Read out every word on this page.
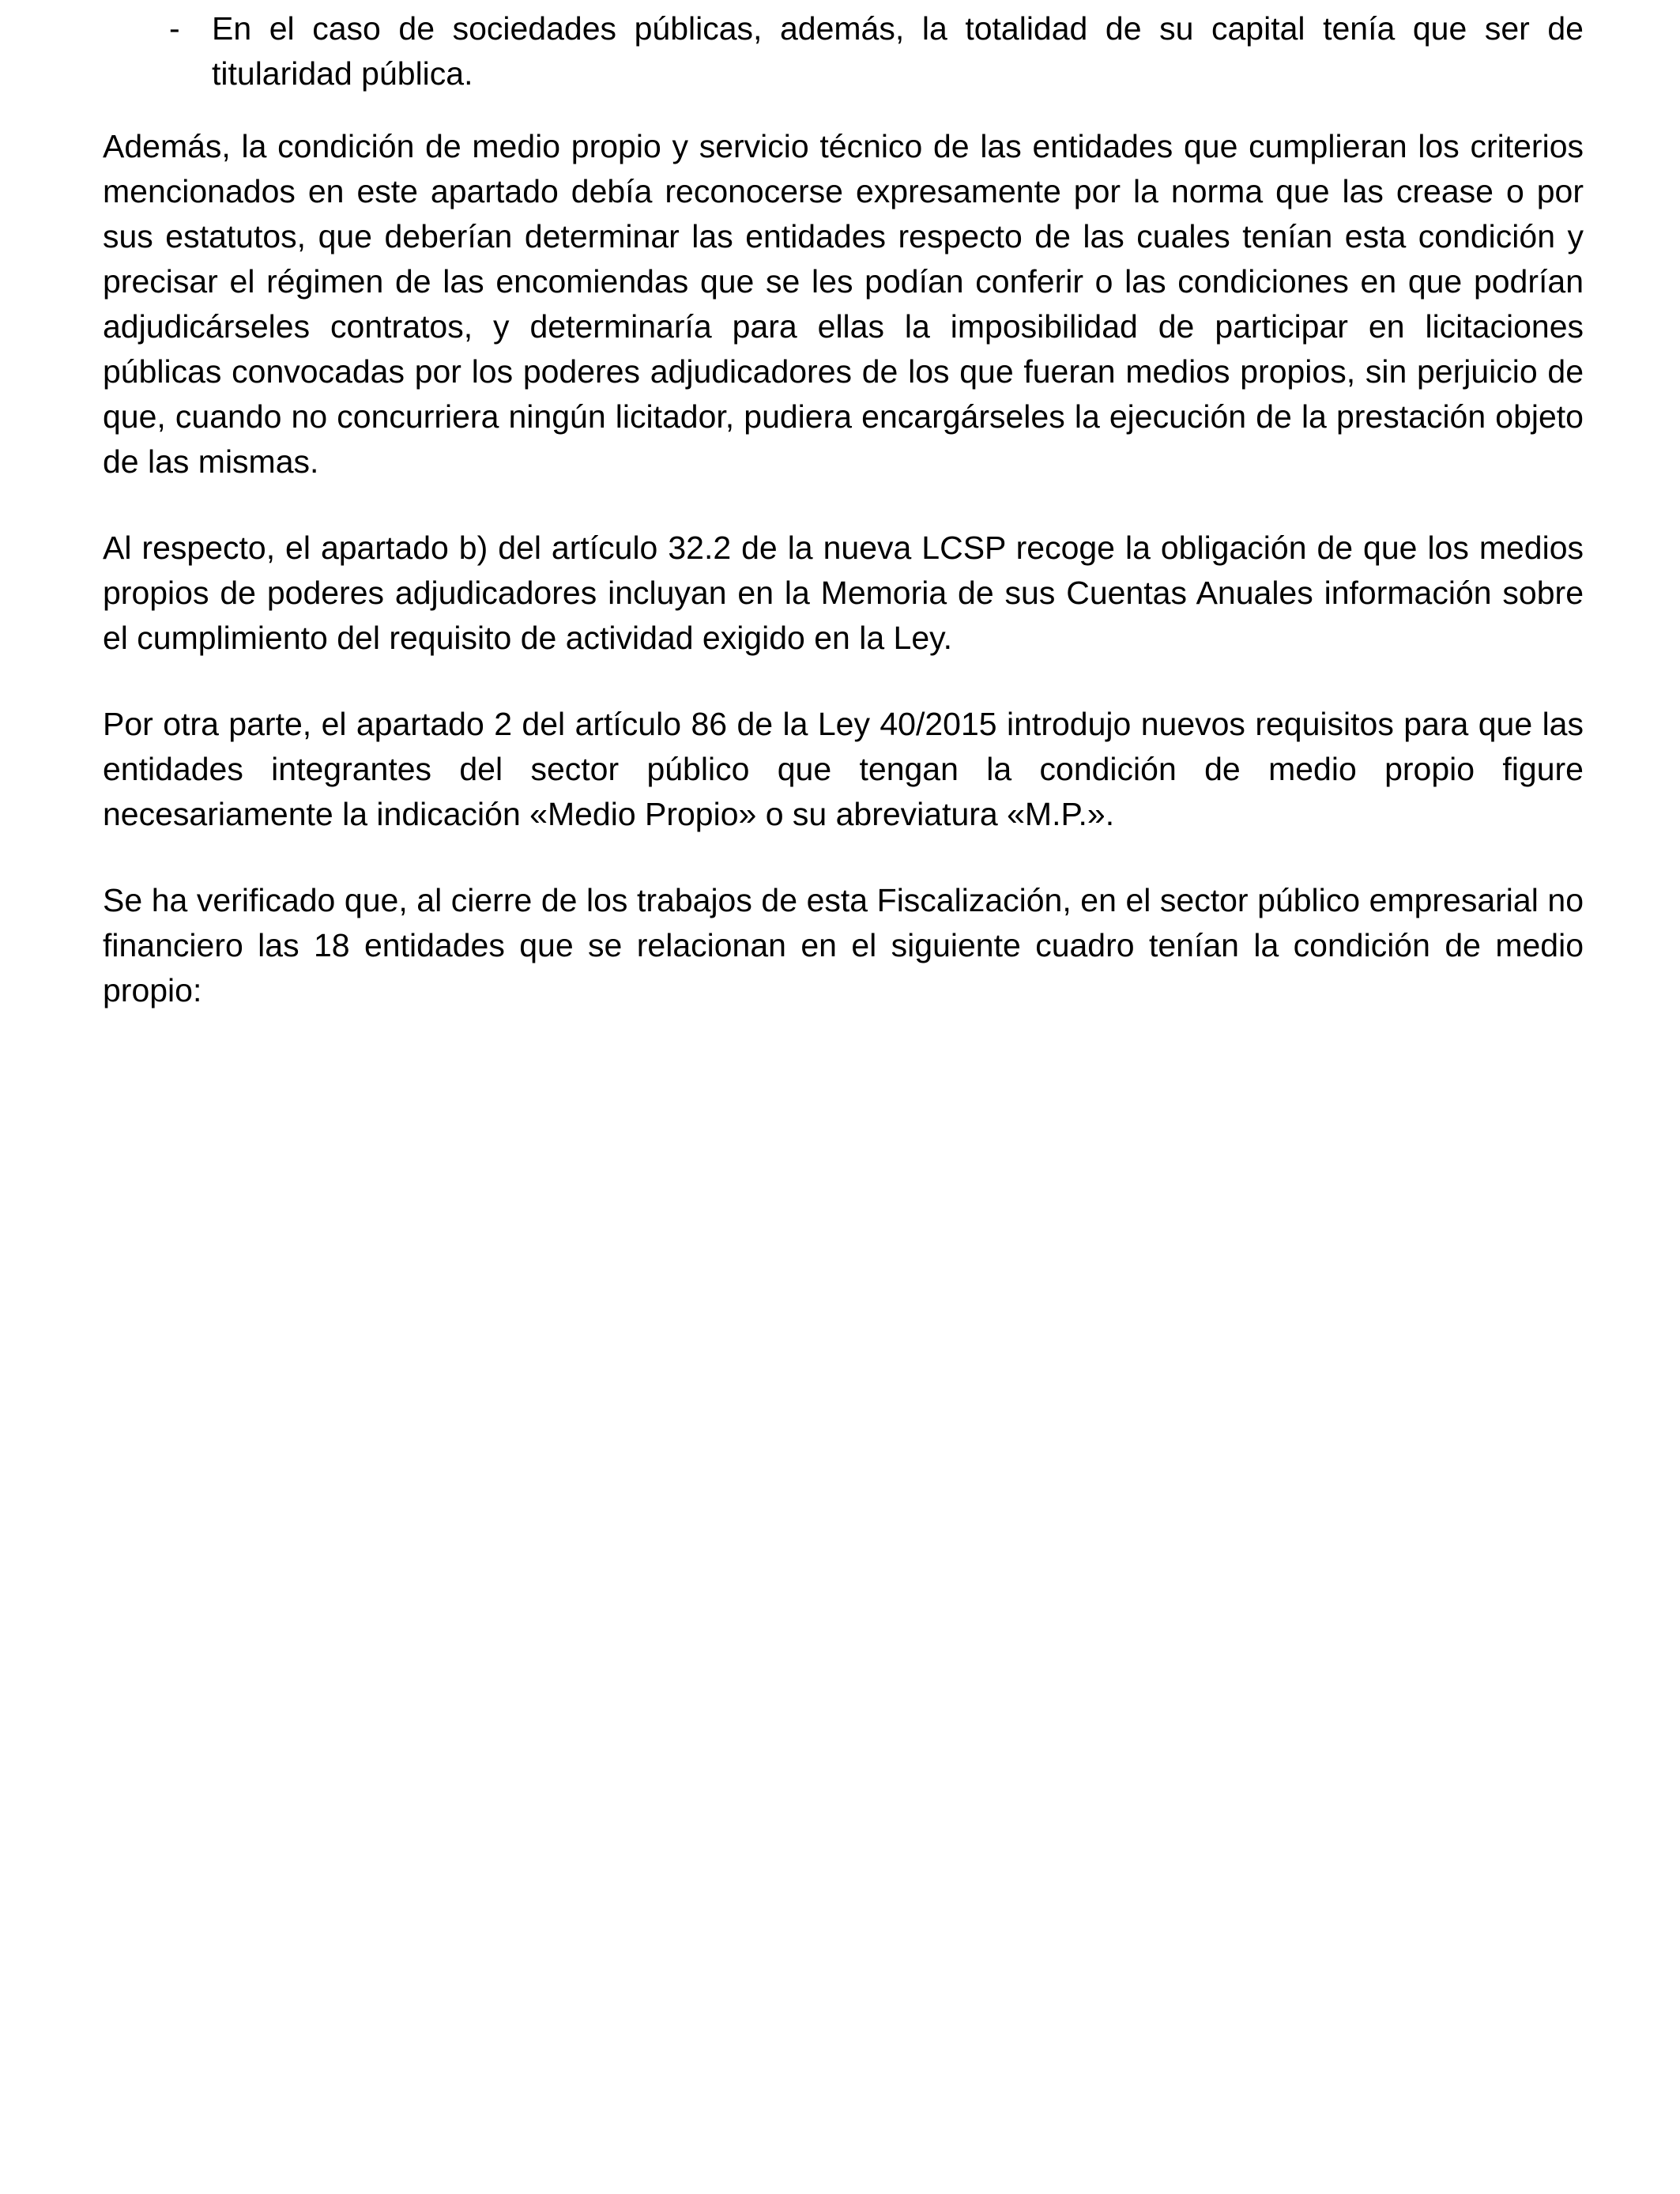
- En el caso de sociedades públicas, además, la totalidad de su capital tenía que ser de titularidad pública.

Además, la condición de medio propio y servicio técnico de las entidades que cumplieran los criterios mencionados en este apartado debía reconocerse expresamente por la norma que las crease o por sus estatutos, que deberían determinar las entidades respecto de las cuales tenían esta condición y precisar el régimen de las encomiendas que se les podían conferir o las condiciones en que podrían adjudicárseles contratos, y determinaría para ellas la imposibilidad de participar en licitaciones públicas convocadas por los poderes adjudicadores de los que fueran medios propios, sin perjuicio de que, cuando no concurriera ningún licitador, pudiera encargárseles la ejecución de la prestación objeto de las mismas.

Al respecto, el apartado b) del artículo 32.2 de la nueva LCSP recoge la obligación de que los medios propios de poderes adjudicadores incluyan en la Memoria de sus Cuentas Anuales información sobre el cumplimiento del requisito de actividad exigido en la Ley.

Por otra parte, el apartado 2 del artículo 86 de la Ley 40/2015 introdujo nuevos requisitos para que las entidades integrantes del sector público que tengan la condición de medio propio figure necesariamente la indicación «Medio Propio» o su abreviatura «M.P.».

Se ha verificado que, al cierre de los trabajos de esta Fiscalización, en el sector público empresarial no financiero las 18 entidades que se relacionan en el siguiente cuadro tenían la condición de medio propio:
